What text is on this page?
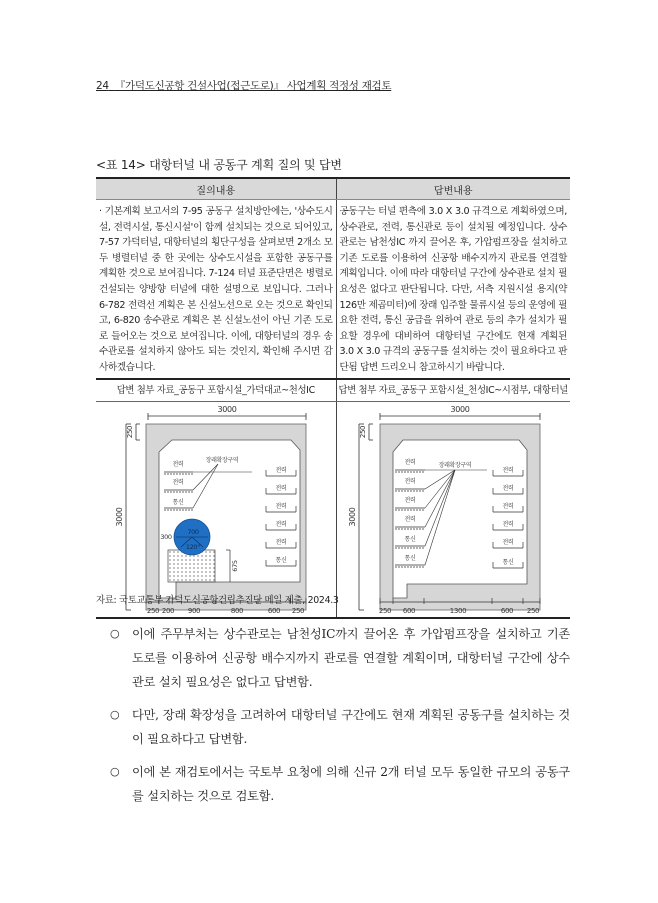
24 『가덕도신공항 건설사업(접근도로)』 사업계획 적정성 재검토
<표 14> 대항터널 내 공동구 계획 질의 및 답변
질의내용	답변내용
· 기본계획 보고서의 7-95 공동구 설치방안에는, '상수도시설, 전력시설, 통신시설'이 함께 설치되는 것으로 되어있고, 7-57 가덕터널, 대항터널의 횡단구성을 살펴보면 2개소 모두 병렬터널 중 한 곳에는 상수도시설을 포함한 공동구를 계획한 것으로 보여집니다. 7-124 터널 표준단면은 병렬로 건설되는 양방향 터널에 대한 설명으로 보입니다. 그러나 6-782 전력선 계획은 본 신설노선으로 오는 것으로 확인되고, 6-820 송수관로 계획은 본 신설노선이 아닌 기존 도로로 들어오는 것으로 보여집니다. 이에, 대항터널의 경우 송수관로를 설치하지 않아도 되는 것인지, 확인해 주시면 감사하겠습니다.	공동구는 터널 편측에 3.0 X 3.0 규격으로 계획하였으며, 상수관로, 전력, 통신관로 등이 설치될 예정입니다. 상수관로는 남천성IC 까지 끌어온 후, 가압펌프장을 설치하고 기존 도로를 이용하여 신공항 배수지까지 관로를 연결할 계획입니다. 이에 따라 대항터널 구간에 상수관로 설치 필요성은 없다고 판단됩니다. 다만, 서측 지원시설 용지(약 126만 제곱미터)에 장래 입주할 물류시설 등의 운영에 필요한 전력, 통신 공급을 위하여 관로 등의 추가 설치가 필요할 경우에 대비하여 대항터널 구간에도 현재 계획된 3.0 X 3.0 규격의 공동구를 설치하는 것이 필요하다고 판단됨 답변 드리오니 참고하시기 바랍니다.
답변 첨부 자료_공동구 포함시설_가덕대교~천성IC	답변 첨부 자료_공동구 포함시설_천성IC~시점부, 대항터널

3000
3000
250
전력
전력
통신
장래확장구역
전력
전력
전력
전력
전력
통신
675
700
120°
300
250 200 900	800	600 250

3000
3000
250
전력
전력
전력
전력
통신
통신
장래확장구역
전력
전력
전력
전력
전력
통신
250 600	1300	600 250
자료: 국토교통부 가덕도신공항건립추진단 메일 제출, 2024.3
○	이에 주무부처는 상수관로는 남천성IC까지 끌어온 후 가압펌프장을 설치하고 기존 도로를 이용하여 신공항 배수지까지 관로를 연결할 계획이며, 대항터널 구간에 상수관로 설치 필요성은 없다고 답변함.
○	다만, 장래 확장성을 고려하여 대항터널 구간에도 현재 계획된 공동구를 설치하는 것이 필요하다고 답변함.
○	이에 본 재검토에서는 국토부 요청에 의해 신규 2개 터널 모두 동일한 규모의 공동구를 설치하는 것으로 검토함.
